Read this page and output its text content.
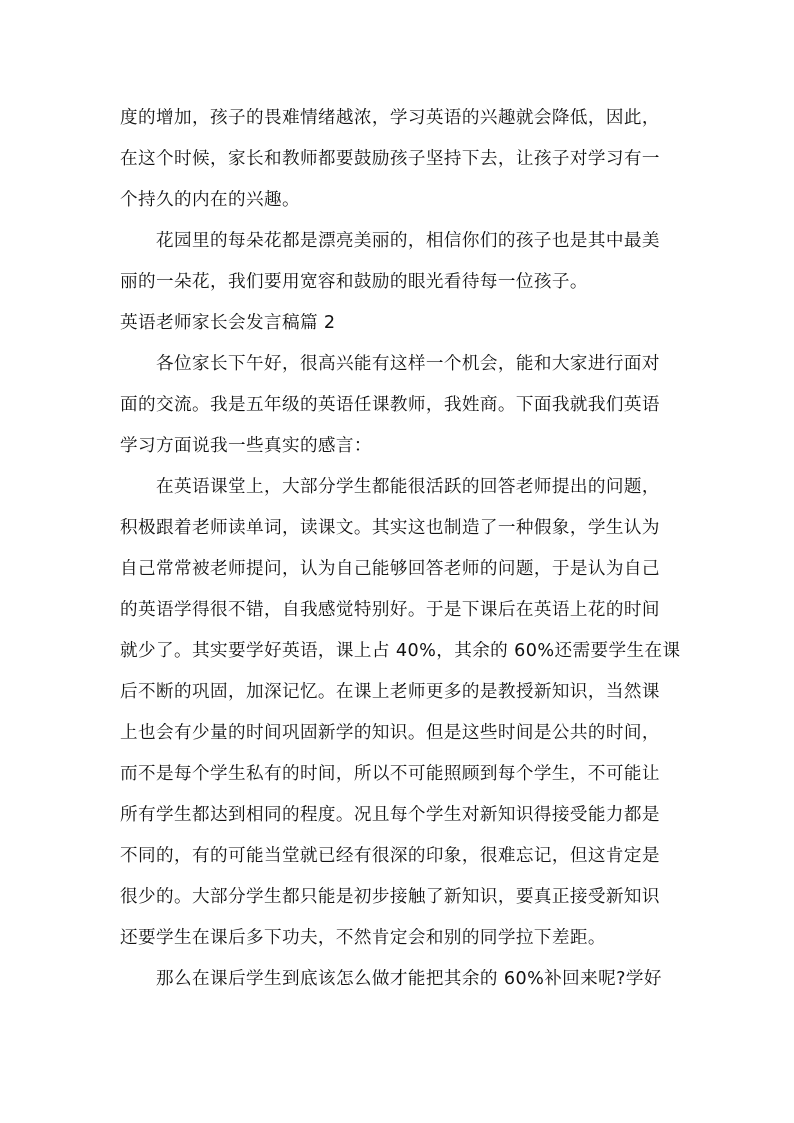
度的增加，孩子的畏难情绪越浓，学习英语的兴趣就会降低，因此，
在这个时候，家长和教师都要鼓励孩子坚持下去，让孩子对学习有一
个持久的内在的兴趣。
花园里的每朵花都是漂亮美丽的，相信你们的孩子也是其中最美
丽的一朵花，我们要用宽容和鼓励的眼光看待每一位孩子。
英语老师家长会发言稿篇 2
各位家长下午好，很高兴能有这样一个机会，能和大家进行面对
面的交流。我是五年级的英语任课教师，我姓商。下面我就我们英语
学习方面说我一些真实的感言：
在英语课堂上，大部分学生都能很活跃的回答老师提出的问题，
积极跟着老师读单词，读课文。其实这也制造了一种假象，学生认为
自己常常被老师提问，认为自己能够回答老师的问题，于是认为自己
的英语学得很不错，自我感觉特别好。于是下课后在英语上花的时间
就少了。其实要学好英语，课上占 40%，其余的 60%还需要学生在课
后不断的巩固，加深记忆。在课上老师更多的是教授新知识，当然课
上也会有少量的时间巩固新学的知识。但是这些时间是公共的时间，
而不是每个学生私有的时间，所以不可能照顾到每个学生，不可能让
所有学生都达到相同的程度。况且每个学生对新知识得接受能力都是
不同的，有的可能当堂就已经有很深的印象，很难忘记，但这肯定是
很少的。大部分学生都只能是初步接触了新知识，要真正接受新知识
还要学生在课后多下功夫，不然肯定会和别的同学拉下差距。
那么在课后学生到底该怎么做才能把其余的 60%补回来呢?学好
